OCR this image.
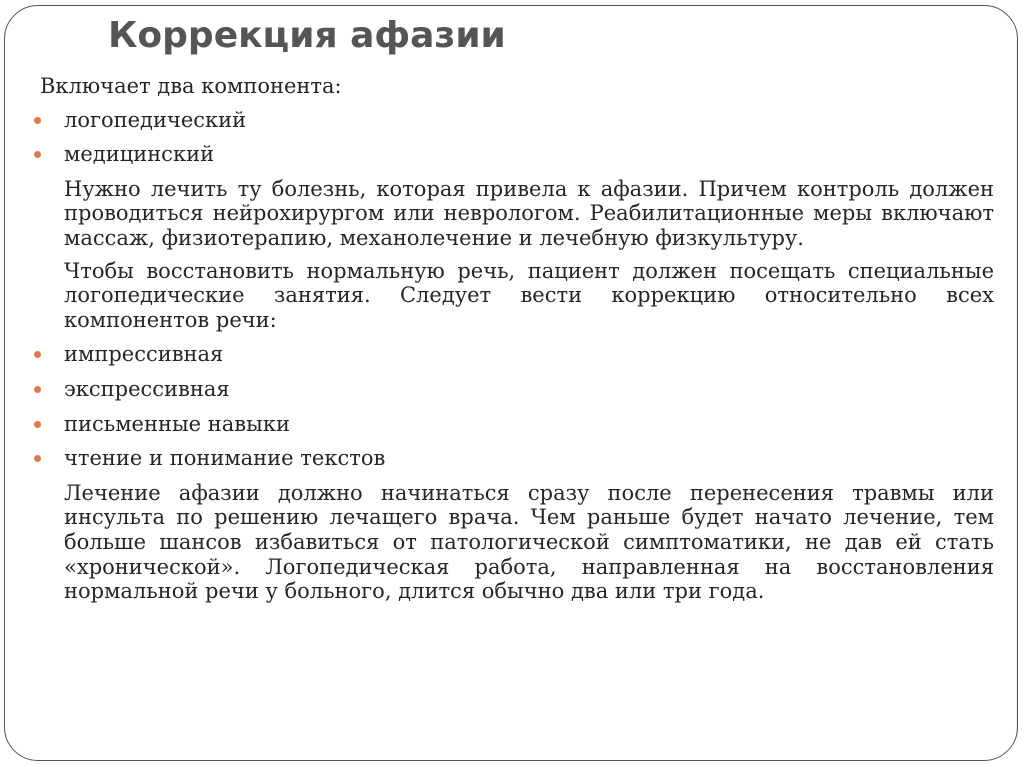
Коррекция афазии

Включает два компонента:

логопедический
медицинский

Нужно лечить ту болезнь, которая привела к афазии. Причем контроль должен проводиться нейрохирургом или неврологом. Реабилитационные меры включают массаж, физиотерапию, механолечение и лечебную физкультуру.

Чтобы восстановить нормальную речь, пациент должен посещать специальные логопедические занятия. Следует вести коррекцию относительно всех компонентов речи:

импрессивная
экспрессивная
письменные навыки
чтение и понимание текстов

Лечение афазии должно начинаться сразу после перенесения травмы или инсульта по решению лечащего врача. Чем раньше будет начато лечение, тем больше шансов избавиться от патологической симптоматики, не дав ей стать «хронической». Логопедическая работа, направленная на восстановления нормальной речи у больного, длится обычно два или три года.
